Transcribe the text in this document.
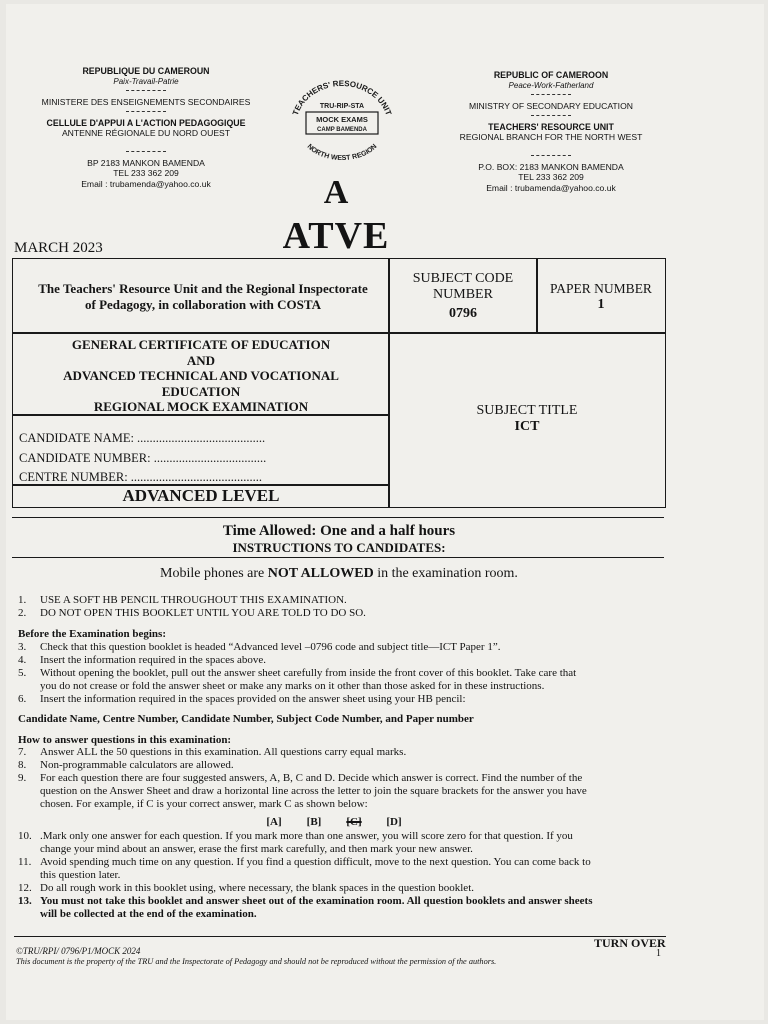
REPUBLIQUE DU CAMEROUN
Paix-Travail-Patrie
MINISTERE DES ENSEIGNEMENTS SECONDAIRES
CELLULE D'APPUI A L'ACTION PEDAGOGIQUE
ANTENNE RÉGIONALE DU NORD OUEST
BP 2183 MANKON BAMENDA
TEL 233 362 209
Email : trubamenda@yahoo.co.uk
REPUBLIC OF CAMEROON
Peace-Work-Fatherland
MINISTRY OF SECONDARY EDUCATION
TEACHERS' RESOURCE UNIT
REGIONAL BRANCH FOR THE NORTH WEST
P.O. BOX: 2183 MANKON BAMENDA
TEL 233 362 209
Email : trubamenda@yahoo.co.uk
TEACHERS' RESOURCE UNIT
TRU-RIP-STA
MOCK EXAMS
CAMP BAMENDA
NORTH WEST REGION
A
ATVE
MARCH 2023
The Teachers' Resource Unit and the Regional Inspectorate of Pedagogy, in collaboration with COSTA
SUBJECT CODE NUMBER
0796
PAPER NUMBER
1
GENERAL CERTIFICATE OF EDUCATION
AND
ADVANCED TECHNICAL AND VOCATIONAL
EDUCATION
REGIONAL MOCK EXAMINATION	SUBJECT TITLE
ICT
CANDIDATE NAME: .........................................
CANDIDATE NUMBER: ....................................
CENTRE NUMBER: ..........................................
ADVANCED LEVEL
Time Allowed: One and a half hours
INSTRUCTIONS TO CANDIDATES:
Mobile phones are NOT ALLOWED in the examination room.
1. USE A SOFT HB PENCIL THROUGHOUT THIS EXAMINATION.
2. DO NOT OPEN THIS BOOKLET UNTIL YOU ARE TOLD TO DO SO.
Before the Examination begins:
3. Check that this question booklet is headed “Advanced level –0796 code and subject title—ICT Paper 1”.
4. Insert the information required in the spaces above.
5. Without opening the booklet, pull out the answer sheet carefully from inside the front cover of this booklet. Take care that
you do not crease or fold the answer sheet or make any marks on it other than those asked for in these instructions.
6. Insert the information required in the spaces provided on the answer sheet using your HB pencil:
Candidate Name, Centre Number, Candidate Number, Subject Code Number, and Paper number
How to answer questions in this examination:
7. Answer ALL the 50 questions in this examination. All questions carry equal marks.
8. Non-programmable calculators are allowed.
9. For each question there are four suggested answers, A, B, C and D. Decide which answer is correct. Find the number of the
question on the Answer Sheet and draw a horizontal line across the letter to join the square brackets for the answer you have
chosen. For example, if C is your correct answer, mark C as shown below:
[A] [B] [C] [D]
10. .Mark only one answer for each question. If you mark more than one answer, you will score zero for that question. If you
change your mind about an answer, erase the first mark carefully, and then mark your new answer.
11. Avoid spending much time on any question. If you find a question difficult, move to the next question. You can come back to
this question later.
12. Do all rough work in this booklet using, where necessary, the blank spaces in the question booklet.
13. You must not take this booklet and answer sheet out of the examination room. All question booklets and answer sheets
will be collected at the end of the examination.
TURN OVER
1
©TRU/RPI/ 0796/P1/MOCK 2024
This document is the property of the TRU and the Inspectorate of Pedagogy and should not be reproduced without the permission of the authors.
